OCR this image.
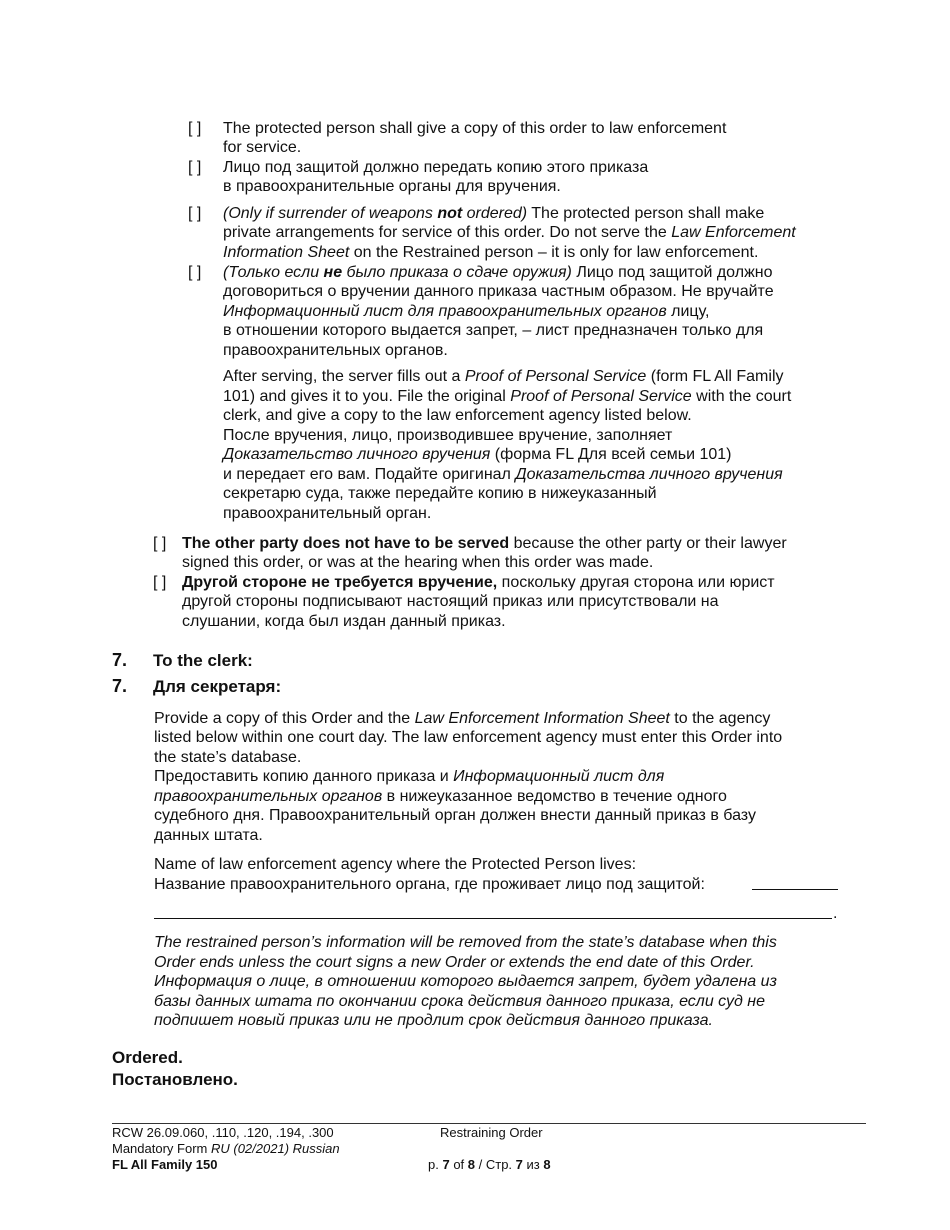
[ ] The protected person shall give a copy of this order to law enforcement
for service.
[ ] Лицо под защитой должно передать копию этого приказа
в правоохранительные органы для вручения.
[ ] (Only if surrender of weapons not ordered) The protected person shall make
private arrangements for service of this order. Do not serve the Law Enforcement
Information Sheet on the Restrained person – it is only for law enforcement.
[ ] (Только если не было приказа о сдаче оружия) Лицо под защитой должно
договориться о вручении данного приказа частным образом. Не вручайте
Информационный лист для правоохранительных органов лицу,
в отношении которого выдается запрет, – лист предназначен только для
правоохранительных органов.
After serving, the server fills out a Proof of Personal Service (form FL All Family
101) and gives it to you. File the original Proof of Personal Service with the court
clerk, and give a copy to the law enforcement agency listed below.
После вручения, лицо, производившее вручение, заполняет
Доказательство личного вручения (форма FL Для всей семьи 101)
и передает его вам. Подайте оригинал Доказательства личного вручения
секретарю суда, также передайте копию в нижеуказанный
правоохранительный орган.
[ ] The other party does not have to be served because the other party or their lawyer
signed this order, or was at the hearing when this order was made.
[ ] Другой стороне не требуется вручение, поскольку другая сторона или юрист
другой стороны подписывают настоящий приказ или присутствовали на
слушании, когда был издан данный приказ.
7. To the clerk:
7. Для секретаря:
Provide a copy of this Order and the Law Enforcement Information Sheet to the agency
listed below within one court day. The law enforcement agency must enter this Order into
the state’s database.
Предоставить копию данного приказа и Информационный лист для
правоохранительных органов в нижеуказанное ведомство в течение одного
судебного дня. Правоохранительный орган должен внести данный приказ в базу
данных штата.
Name of law enforcement agency where the Protected Person lives:
Название правоохранительного органа, где проживает лицо под защитой:
.
The restrained person’s information will be removed from the state’s database when this
Order ends unless the court signs a new Order or extends the end date of this Order.
Информация о лице, в отношении которого выдается запрет, будет удалена из
базы данных штата по окончании срока действия данного приказа, если суд не
подпишет новый приказ или не продлит срок действия данного приказа.
Ordered.
Постановлено.
RCW 26.09.060, .110, .120, .194, .300
Mandatory Form RU (02/2021) Russian
FL All Family 150
Restraining Order
p. 7 of 8 / Стр. 7 из 8
